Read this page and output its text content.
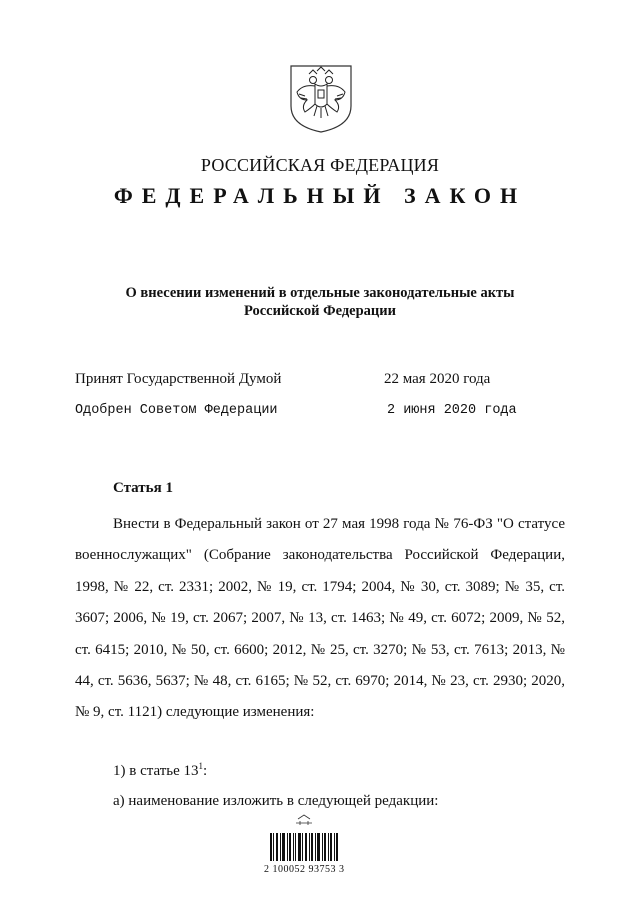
РОССИЙСКАЯ ФЕДЕРАЦИЯ
ФЕДЕРАЛЬНЫЙ ЗАКОН
О внесении изменений в отдельные законодательные акты
Российской Федерации
Принят Государственной Думой	22 мая 2020 года
Одобрен Советом Федерации	2 июня 2020 года
Статья 1

Внести в Федеральный закон от 27 мая 1998 года № 76-ФЗ "О статусе военнослужащих" (Собрание законодательства Российской Федерации, 1998, № 22, ст. 2331; 2002, № 19, ст. 1794; 2004, № 30, ст. 3089; № 35, ст. 3607; 2006, № 19, ст. 2067; 2007, № 13, ст. 1463; № 49, ст. 6072; 2009, № 52, ст. 6415; 2010, № 50, ст. 6600; 2012, № 25, ст. 3270; № 53, ст. 7613; 2013, № 44, ст. 5636, 5637; № 48, ст. 6165; № 52, ст. 6970; 2014, № 23, ст. 2930; 2020, № 9, ст. 1121) следующие изменения:

1) в статье $13^1$:
а) наименование изложить в следующей редакции:
2 100052 93753 3
